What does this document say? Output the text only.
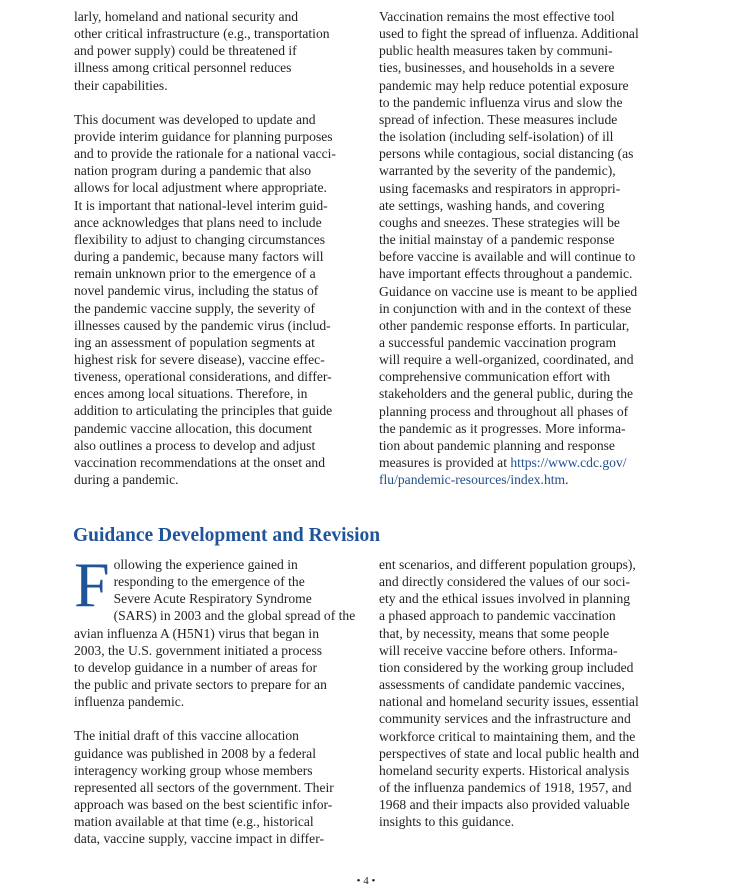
larly, homeland and national security and
other critical infrastructure (e.g., transportation
and power supply) could be threatened if
illness among critical personnel reduces
their capabilities.

This document was developed to update and
provide interim guidance for planning purposes
and to provide the rationale for a national vacci-
nation program during a pandemic that also
allows for local adjustment where appropriate.
It is important that national-level interim guid-
ance acknowledges that plans need to include
flexibility to adjust to changing circumstances
during a pandemic, because many factors will
remain unknown prior to the emergence of a
novel pandemic virus, including the status of
the pandemic vaccine supply, the severity of
illnesses caused by the pandemic virus (includ-
ing an assessment of population segments at
highest risk for severe disease), vaccine effec-
tiveness, operational considerations, and differ-
ences among local situations. Therefore, in
addition to articulating the principles that guide
pandemic vaccine allocation, this document
also outlines a process to develop and adjust
vaccination recommendations at the onset and
during a pandemic.

Vaccination remains the most effective tool
used to fight the spread of influenza. Additional
public health measures taken by communi-
ties, businesses, and households in a severe
pandemic may help reduce potential exposure
to the pandemic influenza virus and slow the
spread of infection. These measures include
the isolation (including self-isolation) of ill
persons while contagious, social distancing (as
warranted by the severity of the pandemic),
using facemasks and respirators in appropri-
ate settings, washing hands, and covering
coughs and sneezes. These strategies will be
the initial mainstay of a pandemic response
before vaccine is available and will continue to
have important effects throughout a pandemic.
Guidance on vaccine use is meant to be applied
in conjunction with and in the context of these
other pandemic response efforts. In particular,
a successful pandemic vaccination program
will require a well-organized, coordinated, and
comprehensive communication effort with
stakeholders and the general public, during the
planning process and throughout all phases of
the pandemic as it progresses. More informa-
tion about pandemic planning and response
measures is provided at https://www.cdc.gov/
flu/pandemic-resources/index.htm.

Guidance Development and Revision
F ollowing the experience gained in
responding to the emergence of the
Severe Acute Respiratory Syndrome
(SARS) in 2003 and the global spread of the
avian influenza A (H5N1) virus that began in
2003, the U.S. government initiated a process
to develop guidance in a number of areas for
the public and private sectors to prepare for an
influenza pandemic.

The initial draft of this vaccine allocation
guidance was published in 2008 by a federal
interagency working group whose members
represented all sectors of the government. Their
approach was based on the best scientific infor-
mation available at that time (e.g., historical
data, vaccine supply, vaccine impact in differ-

ent scenarios, and different population groups),
and directly considered the values of our soci-
ety and the ethical issues involved in planning
a phased approach to pandemic vaccination
that, by necessity, means that some people
will receive vaccine before others. Informa-
tion considered by the working group included
assessments of candidate pandemic vaccines,
national and homeland security issues, essential
community services and the infrastructure and
workforce critical to maintaining them, and the
perspectives of state and local public health and
homeland security experts. Historical analysis
of the influenza pandemics of 1918, 1957, and
1968 and their impacts also provided valuable
insights to this guidance.

• 4 •
